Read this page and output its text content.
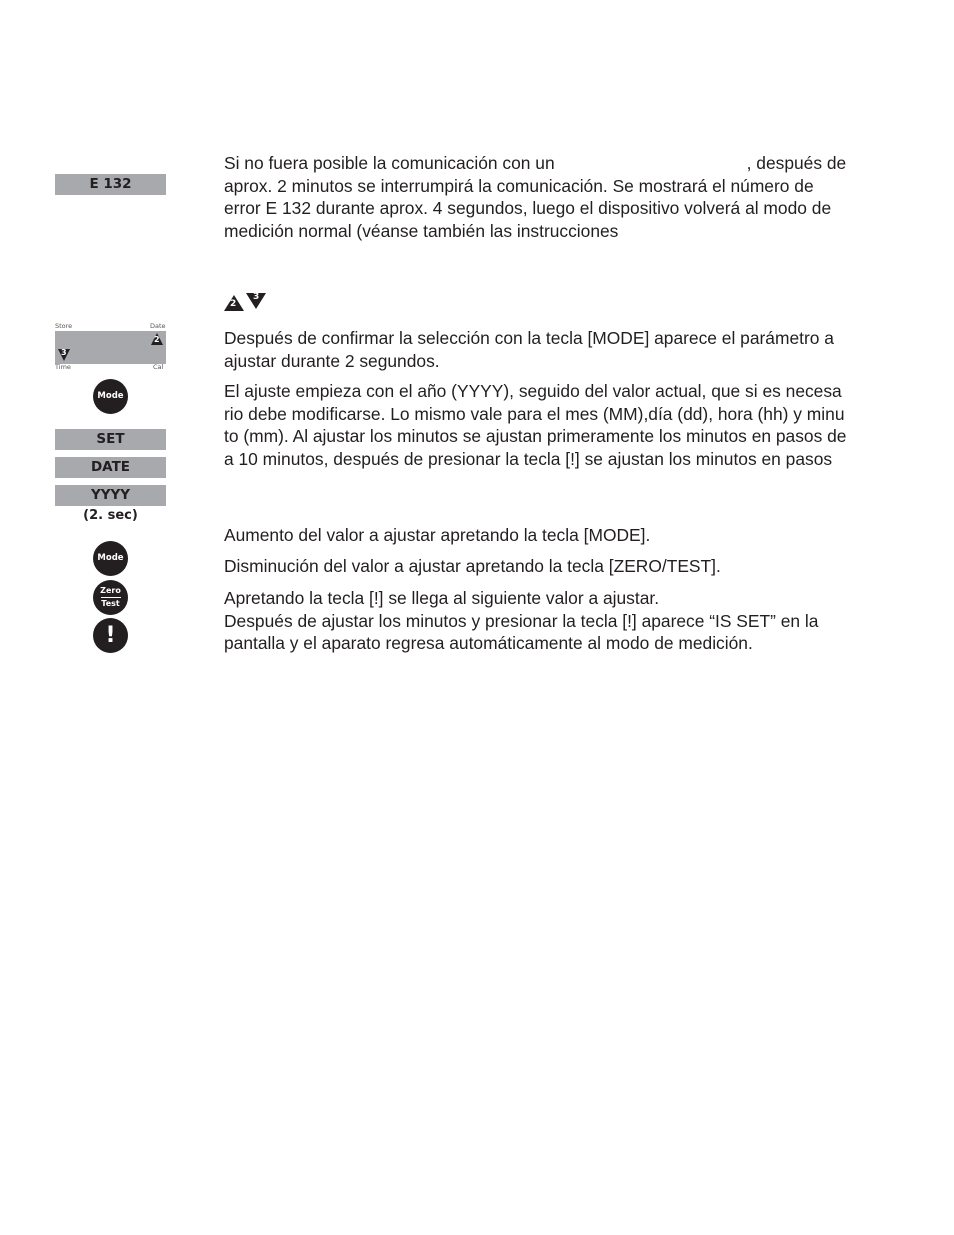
E 132
Store	Date
2
3
Time	Cal
Mode
SET
DATE
YYYY
(2. sec)
Mode
Zero
Test
!

Si no fuera posible la comunicación con un	, después de

aprox. 2 minutos se interrumpirá la comunicación. Se mostrará el número de

error E 132 durante aprox. 4 segundos, luego el dispositivo volverá al modo de

medición normal (véanse también las instrucciones

2
3

Después de confirmar la selección con la tecla [MODE] aparece el parámetro a

ajustar durante 2 segundos.

El ajuste empieza con el año (YYYY), seguido del valor actual, que si es necesa

rio debe modificarse. Lo mismo vale para el mes (MM),día (dd), hora (hh) y minu

to (mm). Al ajustar los minutos se ajustan primeramente los minutos en pasos de

a 10 minutos, después de presionar la tecla [!] se ajustan los minutos en pasos

Aumento del valor a ajustar apretando la tecla [MODE].

Disminución del valor a ajustar apretando la tecla [ZERO/TEST].

Apretando la tecla [!] se llega al siguiente valor a ajustar.

Después de ajustar los minutos y presionar la tecla [!] aparece “IS SET” en la

pantalla y el aparato regresa automáticamente al modo de medición.
